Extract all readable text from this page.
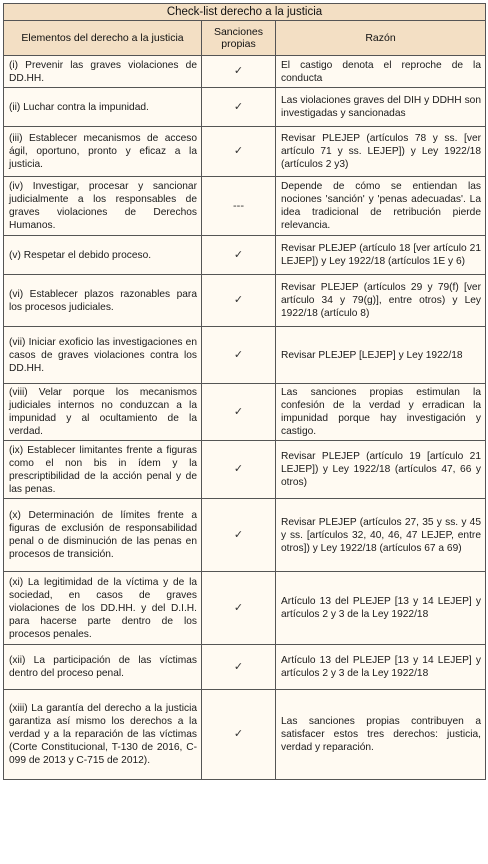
Check-list derecho a la justicia		
Elementos del derecho a la justicia	Sanciones propias	Razón
(i) Prevenir las graves violaciones de DD.HH.	✓	El castigo denota el reproche de la conducta
(ii) Luchar contra la impunidad.	✓	Las violaciones graves del DIH y DDHH son investigadas y sancionadas
(iii) Establecer mecanismos de acceso ágil, oportuno, pronto y eficaz a la justicia.	✓	Revisar PLEJEP (artículos 78 y ss. [ver artículo 71 y ss. LEJEP]) y Ley 1922/18 (artículos 2 y3)
(iv) Investigar, procesar y sancionar judicialmente a los responsables de graves violaciones de Derechos Humanos.	---	Depende de cómo se entiendan las nociones 'sanción' y 'penas adecuadas'. La idea tradicional de retribución pierde relevancia.
(v) Respetar el debido proceso.	✓	Revisar PLEJEP (artículo 18 [ver artículo 21 LEJEP]) y Ley 1922/18 (artículos 1E y 6)
(vi) Establecer plazos razonables para los procesos judiciales.	✓	Revisar PLEJEP (artículos 29 y 79(f) [ver artículo 34 y 79(g)], entre otros) y Ley 1922/18 (artículo 8)
(vii) Iniciar exoficio las investigaciones en casos de graves violaciones contra los DD.HH.	✓	Revisar PLEJEP [LEJEP] y Ley 1922/18
(viii) Velar porque los mecanismos judiciales internos no conduzcan a la impunidad y al ocultamiento de la verdad.	✓	Las sanciones propias estimulan la confesión de la verdad y erradican la impunidad porque hay investigación y castigo.
(ix) Establecer limitantes frente a figuras como el non bis in ídem y la prescriptibilidad de la acción penal y de las penas.	✓	Revisar PLEJEP (artículo 19 [artículo 21 LEJEP]) y Ley 1922/18 (artículos 47, 66 y otros)
(x) Determinación de límites frente a figuras de exclusión de responsabilidad penal o de disminución de las penas en procesos de transición.	✓	Revisar PLEJEP (artículos 27, 35 y ss. y 45 y ss. [artículos 32, 40, 46, 47 LEJEP, entre otros]) y Ley 1922/18 (artículos 67 a 69)
(xi) La legitimidad de la víctima y de la sociedad, en casos de graves violaciones de los DD.HH. y del D.I.H. para hacerse parte dentro de los procesos penales.	✓	Artículo 13 del PLEJEP [13 y 14 LEJEP] y artículos 2 y 3 de la Ley 1922/18
(xii) La participación de las víctimas dentro del proceso penal.	✓	Artículo 13 del PLEJEP [13 y 14 LEJEP] y artículos 2 y 3 de la Ley 1922/18
(xiii) La garantía del derecho a la justicia garantiza así mismo los derechos a la verdad y a la reparación de las víctimas (Corte Constitucional, T-130 de 2016, C-099 de 2013 y C-715 de 2012).	✓	Las sanciones propias contribuyen a satisfacer estos tres derechos: justicia, verdad y reparación.
